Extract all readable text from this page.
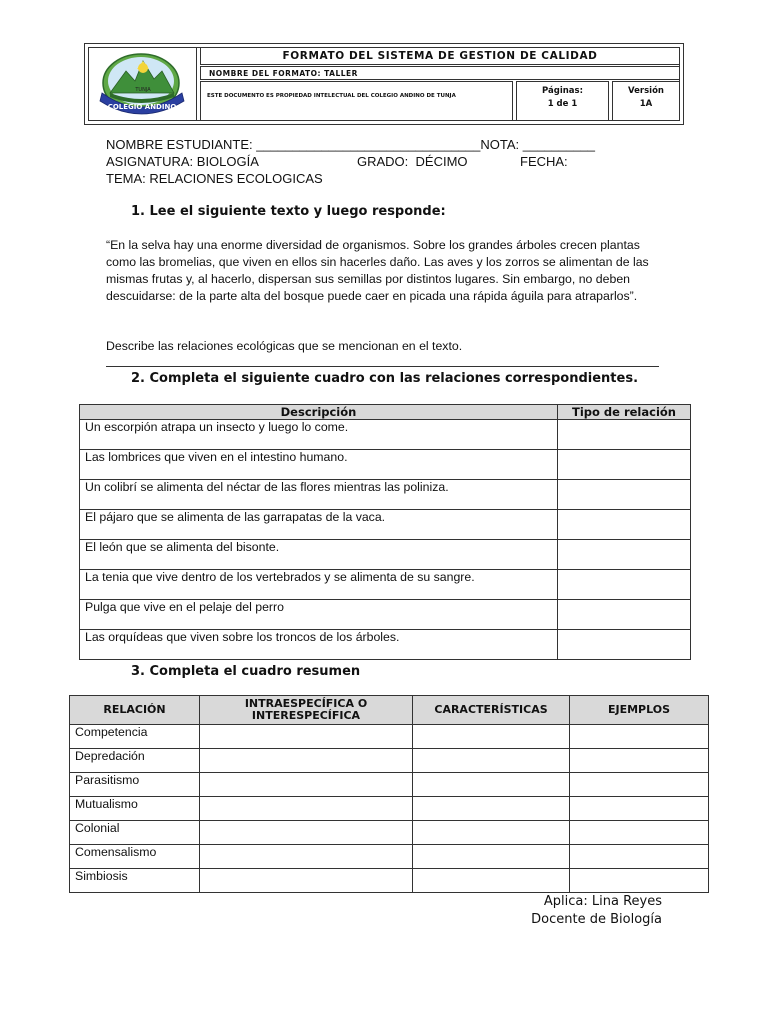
TUNJA
COLEGIO ANDINO
FORMATO DEL SISTEMA DE GESTION DE CALIDAD
NOMBRE DEL FORMATO: TALLER
ESTE DOCUMENTO ES PROPIEDAD INTELECTUAL DEL COLEGIO ANDINO DE TUNJA	Páginas:
1 de 1
Versión
1A
NOMBRE ESTUDIANTE: _______________________________NOTA: __________
ASIGNATURA: BIOLOGÍA	GRADO:  DÉCIMO	FECHA:
TEMA: RELACIONES ECOLOGICAS
1. Lee el siguiente texto y luego responde:
“En la selva hay una enorme diversidad de organismos. Sobre los grandes árboles crecen plantas como las bromelias, que viven en ellos sin hacerles daño. Las aves y los zorros se alimentan de las mismas frutas y, al hacerlo, dispersan sus semillas por distintos lugares. Sin embargo, no deben descuidarse: de la parte alta del bosque puede caer en picada una rápida águila para atraparlos”.
Describe las relaciones ecológicas que se mencionan en el texto.
2. Completa el siguiente cuadro con las relaciones correspondientes.
Descripción	Tipo de relación
Un escorpión atrapa un insecto y luego lo come.	
Las lombrices que viven en el intestino humano.	
Un colibrí se alimenta del néctar de las flores mientras las poliniza.	
El pájaro que se alimenta de las garrapatas de la vaca.	
El león que se alimenta del bisonte.	
La tenia que vive dentro de los vertebrados y se alimenta de su sangre.	
Pulga que vive en el pelaje del perro	
Las orquídeas que viven sobre los troncos de los árboles.	
3. Completa el cuadro resumen
RELACIÓN	INTRAESPECÍFICA O INTERESPECÍFICA	CARACTERÍSTICAS	EJEMPLOS
Competencia			
Depredación			
Parasitismo			
Mutualismo			
Colonial			
Comensalismo			
Simbiosis			
Aplica: Lina Reyes
Docente de Biología
